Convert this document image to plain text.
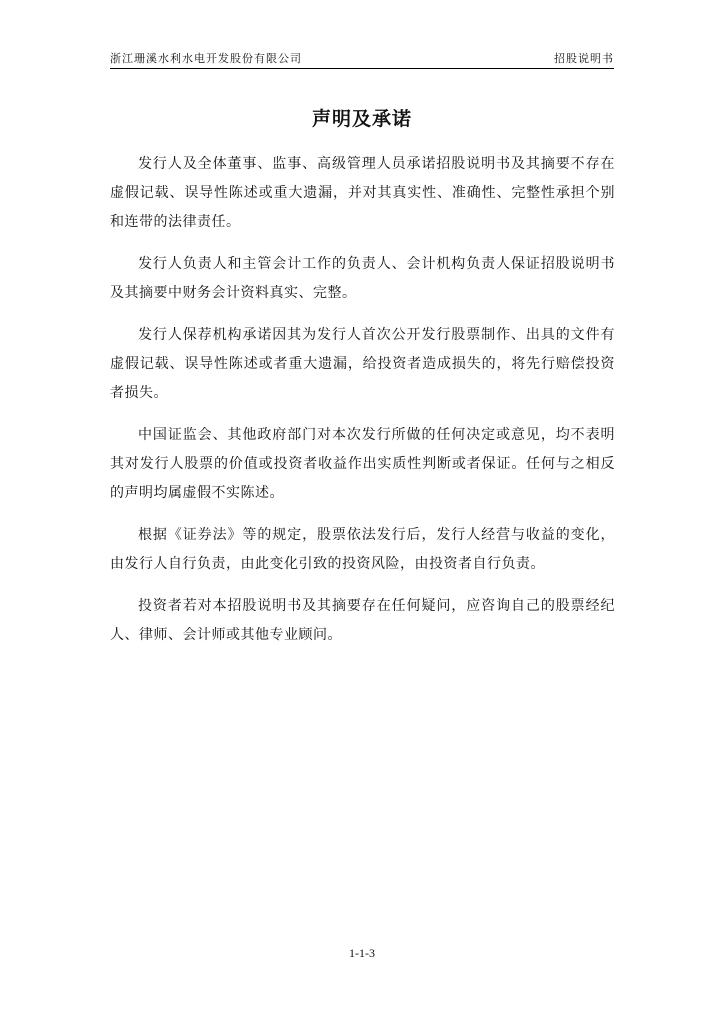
浙江珊溪水利水电开发股份有限公司	招股说明书
声明及承诺

发行人及全体董事、监事、高级管理人员承诺招股说明书及其摘要不存在虚假记载、误导性陈述或重大遗漏，并对其真实性、准确性、完整性承担个别和连带的法律责任。

发行人负责人和主管会计工作的负责人、会计机构负责人保证招股说明书及其摘要中财务会计资料真实、完整。

发行人保荐机构承诺因其为发行人首次公开发行股票制作、出具的文件有虚假记载、误导性陈述或者重大遗漏，给投资者造成损失的，将先行赔偿投资者损失。

中国证监会、其他政府部门对本次发行所做的任何决定或意见，均不表明其对发行人股票的价值或投资者收益作出实质性判断或者保证。任何与之相反的声明均属虚假不实陈述。

根据《证券法》等的规定，股票依法发行后，发行人经营与收益的变化，由发行人自行负责，由此变化引致的投资风险，由投资者自行负责。

投资者若对本招股说明书及其摘要存在任何疑问，应咨询自己的股票经纪人、律师、会计师或其他专业顾问。

1-1-3
